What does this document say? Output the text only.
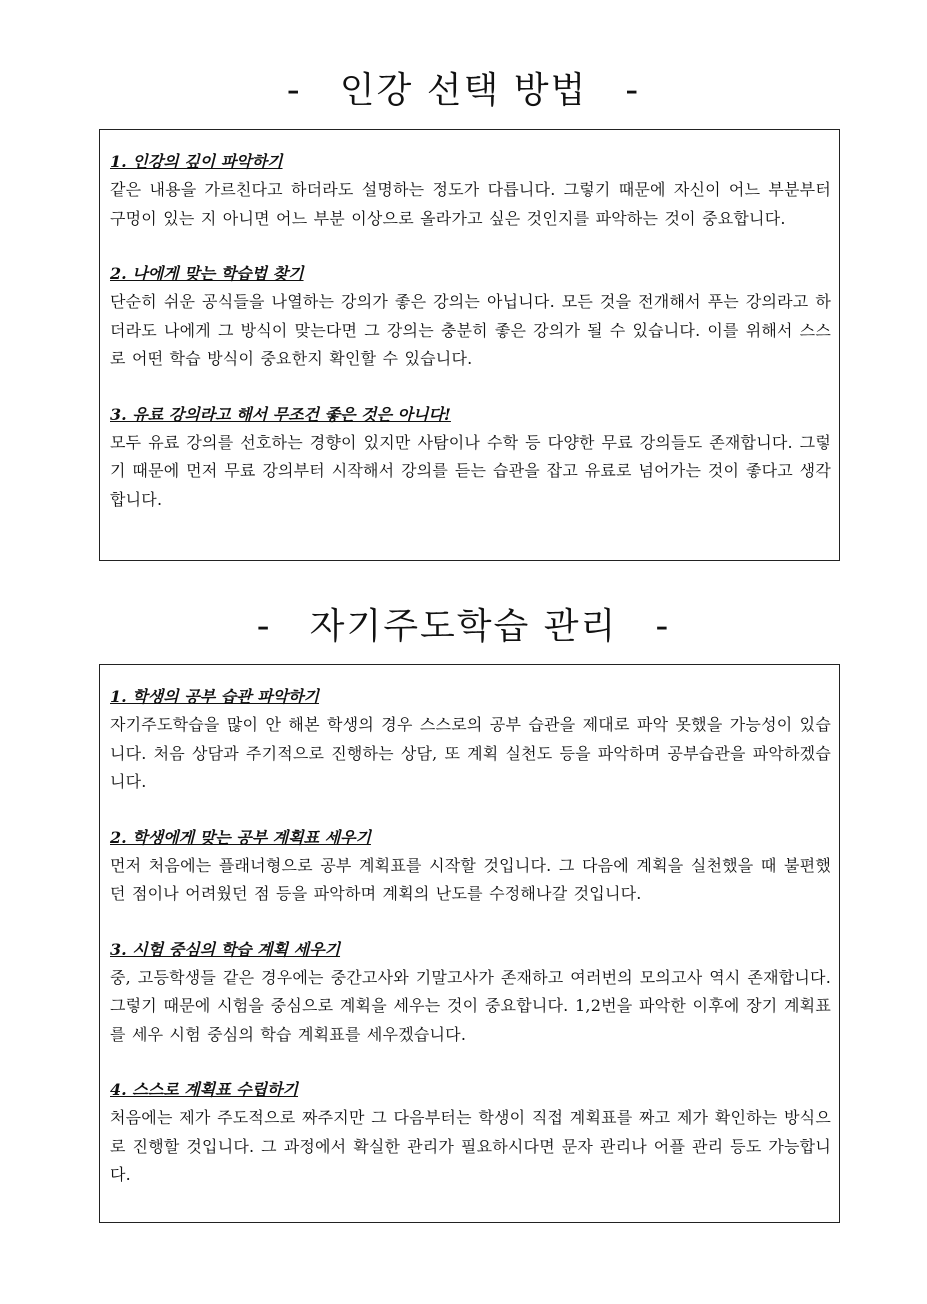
- 인강 선택 방법 -

1. 인강의 깊이 파악하기

같은 내용을 가르친다고 하더라도 설명하는 정도가 다릅니다. 그렇기 때문에 자신이 어느 부분부터 구멍이 있는 지 아니면 어느 부분 이상으로 올라가고 싶은 것인지를 파악하는 것이 중요합니다.

2. 나에게 맞는 학습법 찾기

단순히 쉬운 공식들을 나열하는 강의가 좋은 강의는 아닙니다. 모든 것을 전개해서 푸는 강의라고 하더라도 나에게 그 방식이 맞는다면 그 강의는 충분히 좋은 강의가 될 수 있습니다. 이를 위해서 스스로 어떤 학습 방식이 중요한지 확인할 수 있습니다.

3. 유료 강의라고 해서 무조건 좋은 것은 아니다!

모두 유료 강의를 선호하는 경향이 있지만 사탐이나 수학 등 다양한 무료 강의들도 존재합니다. 그렇기 때문에 먼저 무료 강의부터 시작해서 강의를 듣는 습관을 잡고 유료로 넘어가는 것이 좋다고 생각합니다.

- 자기주도학습 관리 -

1. 학생의 공부 습관 파악하기

자기주도학습을 많이 안 해본 학생의 경우 스스로의 공부 습관을 제대로 파악 못했을 가능성이 있습니다. 처음 상담과 주기적으로 진행하는 상담, 또 계획 실천도 등을 파악하며 공부습관을 파악하겠습니다.

2. 학생에게 맞는 공부 계획표 세우기

먼저 처음에는 플래너형으로 공부 계획표를 시작할 것입니다. 그 다음에 계획을 실천했을 때 불편했던 점이나 어려웠던 점 등을 파악하며 계획의 난도를 수정해나갈 것입니다.

3. 시험 중심의 학습 계획 세우기

중, 고등학생들 같은 경우에는 중간고사와 기말고사가 존재하고 여러번의 모의고사 역시 존재합니다. 그렇기 때문에 시험을 중심으로 계획을 세우는 것이 중요합니다. 1,2번을 파악한 이후에 장기 계획표를 세우 시험 중심의 학습 계획표를 세우겠습니다.

4. 스스로 계획표 수립하기

처음에는 제가 주도적으로 짜주지만 그 다음부터는 학생이 직접 계획표를 짜고 제가 확인하는 방식으로 진행할 것입니다. 그 과정에서 확실한 관리가 필요하시다면 문자 관리나 어플 관리 등도 가능합니다.
